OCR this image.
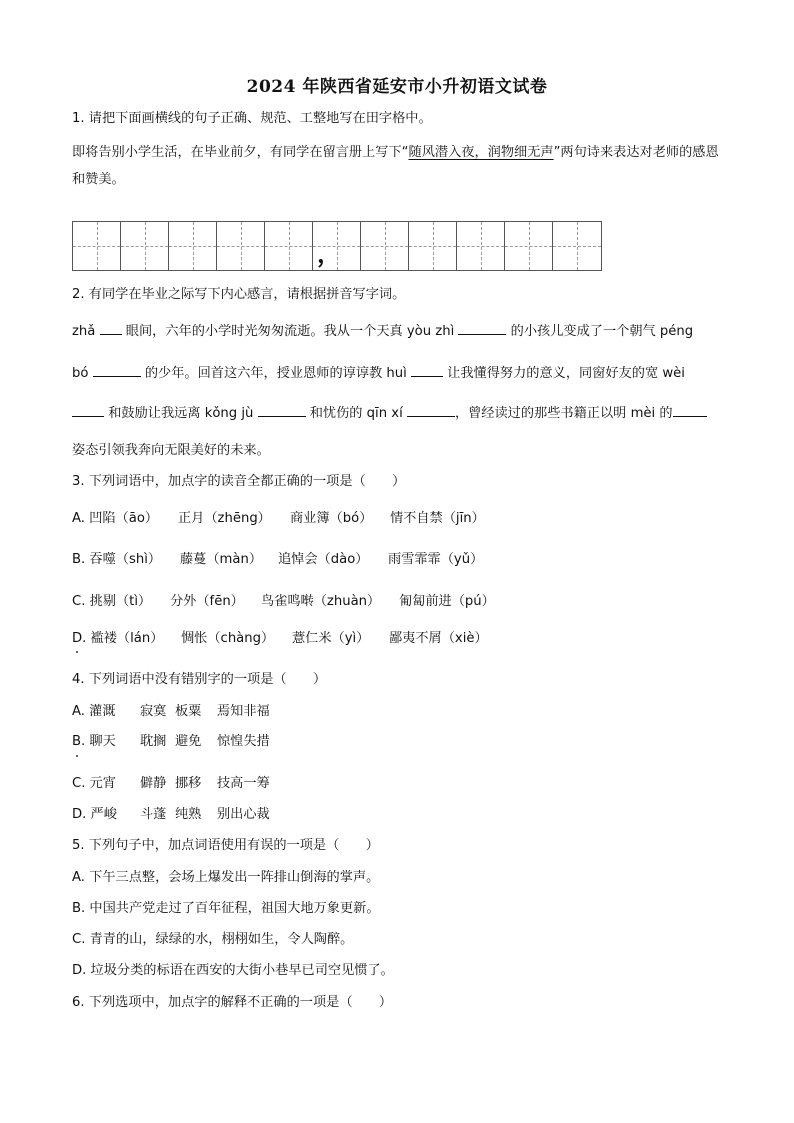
2024 年陕西省延安市小升初语文试卷
1. 请把下面画横线的句子正确、规范、工整地写在田字格中。
即将告别小学生活，在毕业前夕，有同学在留言册上写下“随风潜入夜，润物细无声”两句诗来表达对老师的感恩和赞美。
，
2. 有同学在毕业之际写下内心感言，请根据拼音写字词。
zhǎ  眼间，六年的小学时光匆匆流逝。我从一个天真 yòu zhì	的小孩儿变成了一个朝气 péng
bó	的少年。回首这六年，授业恩师的谆谆教 huì  让我懂得努力的意义，同窗好友的宽 wèi
和鼓励让我远离 kǒng jù	和忧伤的 qīn xí	，曾经读过的那些书籍正以明 mèi 的
姿态引领我奔向无限美好的未来。
3. 下列词语中，加点字的读音全都正确的一项是（　　）
A. 凹陷（āo） 正月（zhēng） 商业簿（bó） 情不自禁（jīn）
B. 吞噬（shì） 藤蔓（màn） 追悼会（dào） 雨雪霏霏（yǔ）
C. 挑剔（tì） 分外（fēn） 鸟雀鸣啭（zhuàn） 匍匐前进（pú）
D. 褴褛（lán） 惆怅（chàng） 薏仁米（yì） 鄙夷不屑（xiè）
4. 下列词语中没有错别字的一项是（　　）
A. 灌溉 寂寞 板粟 焉知非福
B. 聊天 耽搁 避免 惊惶失措
C. 元宵 僻静 挪移 技高一筹
D. 严峻 斗蓬 纯熟 别出心裁
5. 下列句子中，加点词语使用有误的一项是（　　）
A. 下午三点整，会场上爆发出一阵排山倒海的掌声。
B. 中国共产党走过了百年征程，祖国大地万象更新。
C. 青青的山，绿绿的水，栩栩如生，令人陶醉。
D. 垃圾分类的标语在西安的大街小巷早已司空见惯了。
6. 下列选项中，加点字的解释不正确的一项是（　　）
